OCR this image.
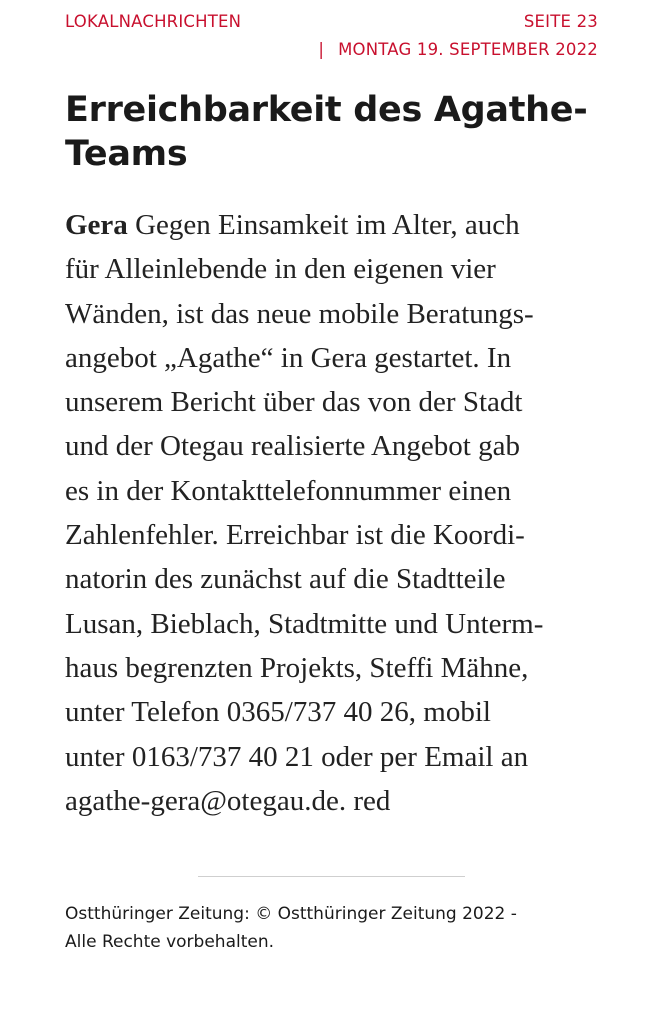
LOKALNACHRICHTEN	SEITE 23
| MONTAG 19. SEPTEMBER 2022
Erreichbarkeit des Agathe-
Teams
Gera Gegen Einsamkeit im Alter, auch
für Alleinlebende in den eigenen vier
Wänden, ist das neue mobile Beratungs-
angebot „Agathe“ in Gera gestartet. In
unserem Bericht über das von der Stadt
und der Otegau realisierte Angebot gab
es in der Kontakttelefonnummer einen
Zahlenfehler. Erreichbar ist die Koordi-
natorin des zunächst auf die Stadtteile
Lusan, Bieblach, Stadtmitte und Unterm-
haus begrenzten Projekts, Steffi Mähne,
unter Telefon 0365/737 40 26, mobil
unter 0163/737 40 21 oder per Email an
agathe-gera@otegau.de. red
Ostthüringer Zeitung: © Ostthüringer Zeitung 2022 -
Alle Rechte vorbehalten.
